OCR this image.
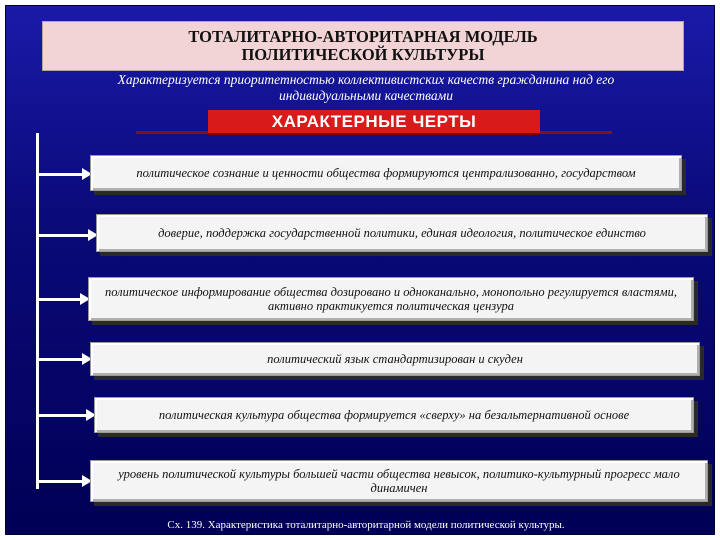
ТОТАЛИТАРНО-АВТОРИТАРНАЯ МОДЕЛЬ
ПОЛИТИЧЕСКОЙ КУЛЬТУРЫ
Характеризуется приоритетностью коллективистских качеств гражданина над его
индивидуальными качествами
ХАРАКТЕРНЫЕ ЧЕРТЫ
политическое сознание и ценности общества формируются централизованно, государством
доверие, поддержка государственной политики, единая идеология, политическое единство
политическое информирование общества дозировано и одноканально, монопольно регулируется властями, активно практикуется политическая цензура
политический язык стандартизирован и скуден
политическая культура общества формируется «сверху» на безальтернативной основе
уровень политической культуры большей части общества невысок, политико-культурный прогресс мало динамичен
Сх. 139. Характеристика тоталитарно-авторитарной модели политической культуры.
